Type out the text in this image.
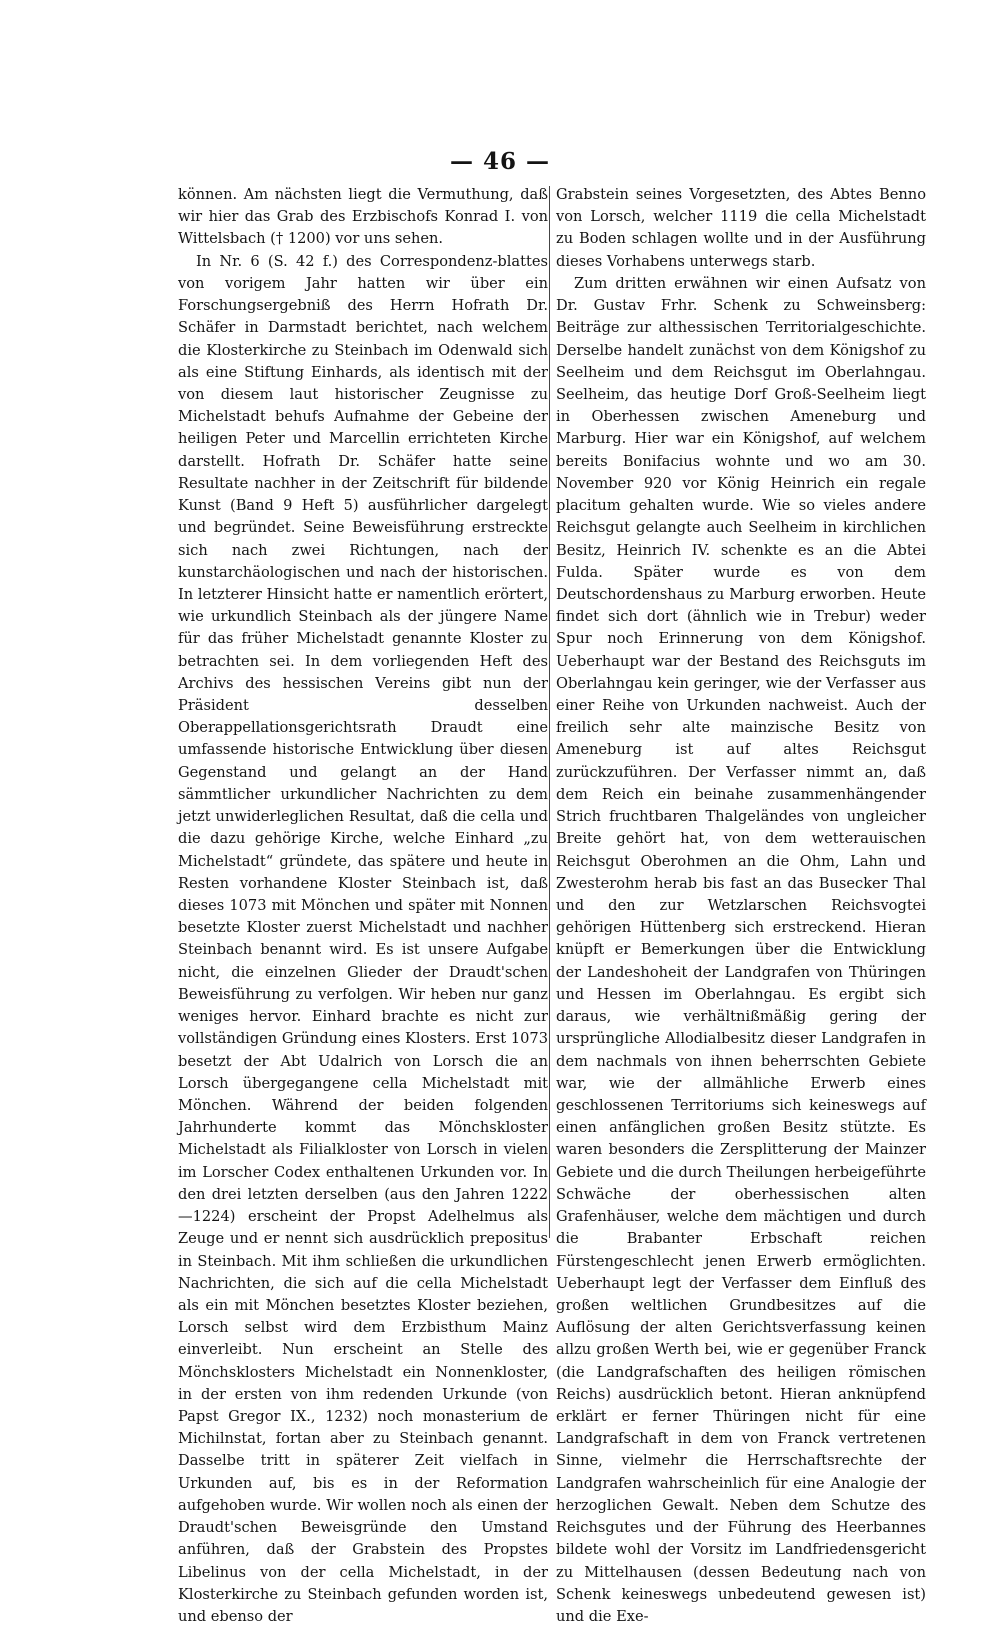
— 46 —

können. Am nächsten liegt die Vermuthung, daß wir hier das Grab des Erzbischofs Konrad I. von Wittelsbach († 1200) vor uns sehen.

In Nr. 6 (S. 42 f.) des Correspondenz-blattes von vorigem Jahr hatten wir über ein Forschungsergebniß des Herrn Hofrath Dr. Schäfer in Darmstadt berichtet, nach welchem die Klosterkirche zu Steinbach im Odenwald sich als eine Stiftung Einhards, als identisch mit der von diesem laut historischer Zeugnisse zu Michelstadt behufs Aufnahme der Gebeine der heiligen Peter und Marcellin errichteten Kirche darstellt. Hofrath Dr. Schäfer hatte seine Resultate nachher in der Zeitschrift für bildende Kunst (Band 9 Heft 5) ausführlicher dargelegt und begründet. Seine Beweisführung erstreckte sich nach zwei Richtungen, nach der kunstarchäologischen und nach der historischen. In letzterer Hinsicht hatte er namentlich erörtert, wie urkundlich Steinbach als der jüngere Name für das früher Michelstadt genannte Kloster zu betrachten sei. In dem vorliegenden Heft des Archivs des hessischen Vereins gibt nun der Präsident desselben Oberappellationsgerichtsrath Draudt eine umfassende historische Entwicklung über diesen Gegenstand und gelangt an der Hand sämmtlicher urkundlicher Nachrichten zu dem jetzt unwiderleglichen Resultat, daß die cella und die dazu gehörige Kirche, welche Einhard „zu Michelstadt“ gründete, das spätere und heute in Resten vorhandene Kloster Steinbach ist, daß dieses 1073 mit Mönchen und später mit Nonnen besetzte Kloster zuerst Michelstadt und nachher Steinbach benannt wird. Es ist unsere Aufgabe nicht, die einzelnen Glieder der Draudt'schen Beweisführung zu verfolgen. Wir heben nur ganz weniges hervor. Einhard brachte es nicht zur vollständigen Gründung eines Klosters. Erst 1073 besetzt der Abt Udalrich von Lorsch die an Lorsch übergegangene cella Michelstadt mit Mönchen. Während der beiden folgenden Jahrhunderte kommt das Mönchskloster Michelstadt als Filialkloster von Lorsch in vielen im Lorscher Codex enthaltenen Urkunden vor. In den drei letzten derselben (aus den Jahren 1222 —1224) erscheint der Propst Adelhelmus als Zeuge und er nennt sich ausdrücklich prepositus in Steinbach. Mit ihm schließen die urkundlichen Nachrichten, die sich auf die cella Michelstadt als ein mit Mönchen besetztes Kloster beziehen, Lorsch selbst wird dem Erzbisthum Mainz einverleibt. Nun erscheint an Stelle des Mönchsklosters Michelstadt ein Nonnenkloster, in der ersten von ihm redenden Urkunde (von Papst Gregor IX., 1232) noch monasterium de Michilnstat, fortan aber zu Steinbach genannt. Dasselbe tritt in späterer Zeit vielfach in Urkunden auf, bis es in der Reformation aufgehoben wurde. Wir wollen noch als einen der Draudt'schen Beweisgründe den Umstand anführen, daß der Grabstein des Propstes Libelinus von der cella Michelstadt, in der Klosterkirche zu Steinbach gefunden worden ist, und ebenso der

Grabstein seines Vorgesetzten, des Abtes Benno von Lorsch, welcher 1119 die cella Michelstadt zu Boden schlagen wollte und in der Ausführung dieses Vorhabens unterwegs starb.

Zum dritten erwähnen wir einen Aufsatz von Dr. Gustav Frhr. Schenk zu Schweinsberg: Beiträge zur althessischen Territorialgeschichte. Derselbe handelt zunächst von dem Königshof zu Seelheim und dem Reichsgut im Oberlahngau. Seelheim, das heutige Dorf Groß-Seelheim liegt in Oberhessen zwischen Ameneburg und Marburg. Hier war ein Königshof, auf welchem bereits Bonifacius wohnte und wo am 30. November 920 vor König Heinrich ein regale placitum gehalten wurde. Wie so vieles andere Reichsgut gelangte auch Seelheim in kirchlichen Besitz, Heinrich IV. schenkte es an die Abtei Fulda. Später wurde es von dem Deutschordenshaus zu Marburg erworben. Heute findet sich dort (ähnlich wie in Trebur) weder Spur noch Erinnerung von dem Königshof. Ueberhaupt war der Bestand des Reichsguts im Oberlahngau kein geringer, wie der Verfasser aus einer Reihe von Urkunden nachweist. Auch der freilich sehr alte mainzische Besitz von Ameneburg ist auf altes Reichsgut zurückzuführen. Der Verfasser nimmt an, daß dem Reich ein beinahe zusammenhängender Strich fruchtbaren Thalgeländes von ungleicher Breite gehört hat, von dem wetterauischen Reichsgut Oberohmen an die Ohm, Lahn und Zwesterohm herab bis fast an das Busecker Thal und den zur Wetzlarschen Reichsvogtei gehörigen Hüttenberg sich erstreckend. Hieran knüpft er Bemerkungen über die Entwicklung der Landeshoheit der Landgrafen von Thüringen und Hessen im Oberlahngau. Es ergibt sich daraus, wie verhältnißmäßig gering der ursprüngliche Allodialbesitz dieser Landgrafen in dem nachmals von ihnen beherrschten Gebiete war, wie der allmähliche Erwerb eines geschlossenen Territoriums sich keineswegs auf einen anfänglichen großen Besitz stützte. Es waren besonders die Zersplitterung der Mainzer Gebiete und die durch Theilungen herbeigeführte Schwäche der oberhessischen alten Grafenhäuser, welche dem mächtigen und durch die Brabanter Erbschaft reichen Fürstengeschlecht jenen Erwerb ermöglichten. Ueberhaupt legt der Verfasser dem Einfluß des großen weltlichen Grundbesitzes auf die Auflösung der alten Gerichtsverfassung keinen allzu großen Werth bei, wie er gegenüber Franck (die Landgrafschaften des heiligen römischen Reichs) ausdrücklich betont. Hieran anknüpfend erklärt er ferner Thüringen nicht für eine Landgrafschaft in dem von Franck vertretenen Sinne, vielmehr die Herrschaftsrechte der Landgrafen wahrscheinlich für eine Analogie der herzoglichen Gewalt. Neben dem Schutze des Reichsgutes und der Führung des Heerbannes bildete wohl der Vorsitz im Landfriedensgericht zu Mittelhausen (dessen Bedeutung nach von Schenk keineswegs unbedeutend gewesen ist) und die Exe-
